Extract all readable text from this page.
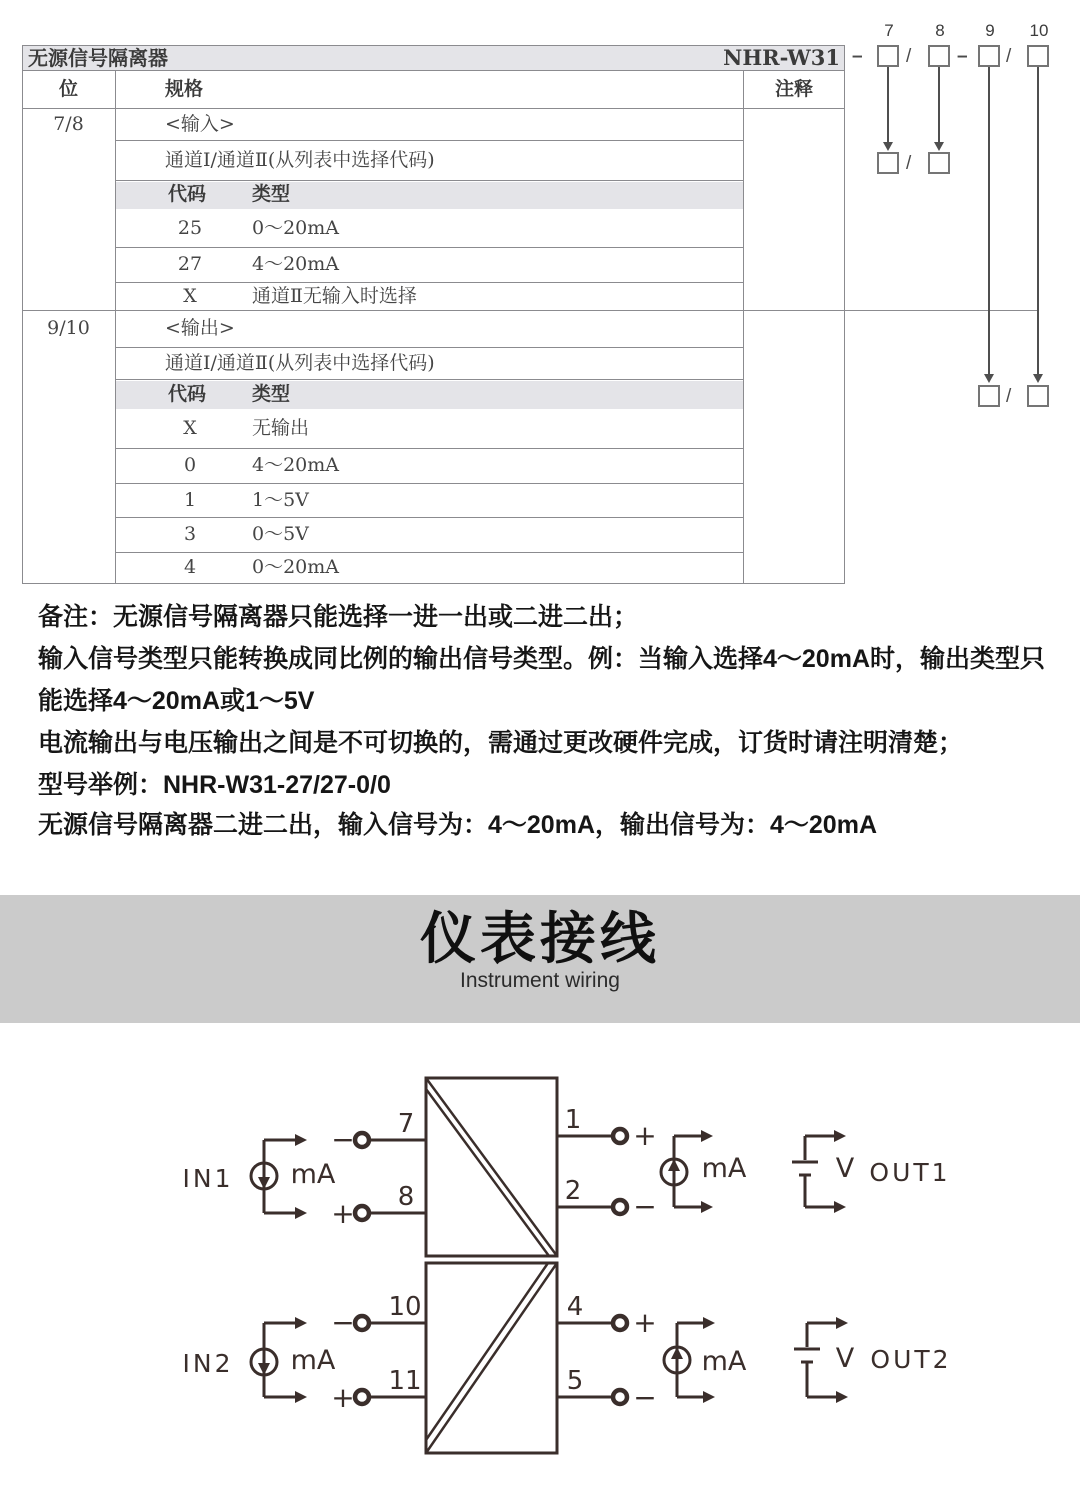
无源信号隔离器	NHR-W31
位	规格	注释
7/8	<输入>
通道Ⅰ/通道Ⅱ(从列表中选择代码)
代码 类型
25	0～20mA
27	4～20mA
X	通道Ⅱ无输入时选择
9/10	<输出>
通道Ⅰ/通道Ⅱ(从列表中选择代码)
代码 类型
X	无输出
0	4～20mA
1	1～5V
3	0～5V
4	0～20mA
7	8	9	10
– / – /
/
/
备注：无源信号隔离器只能选择一进一出或二进二出；
输入信号类型只能转换成同比例的输出信号类型。例：当输入选择4～20mA时，输出类型只
能选择4～20mA或1～5V
电流输出与电压输出之间是不可切换的，需通过更改硬件完成，订货时请注明清楚；
型号举例：NHR-W31-27/27-0/0
无源信号隔离器二进二出，输入信号为：4～20mA，输出信号为：4～20mA
仪表接线

Instrument wiring

7
8
1
2
10
11
4
5
−
+
+
−
−
+
+
−
mA
mA
mA
mA
V
V
IN1
IN2
OUT1
OUT2
